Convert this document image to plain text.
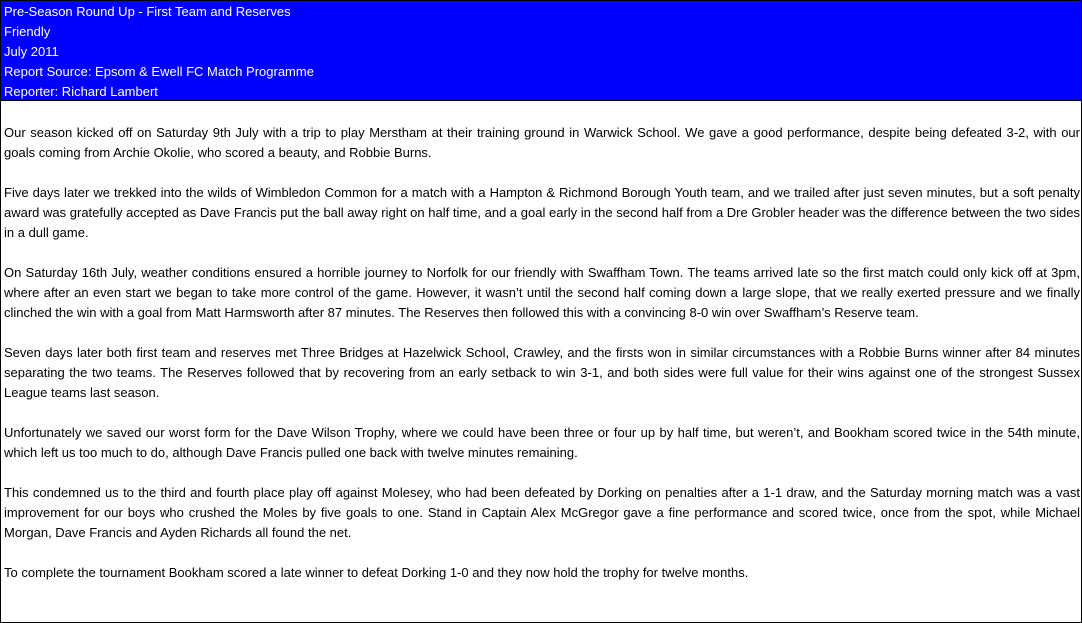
Pre-Season Round Up - First Team and Reserves
Friendly
July 2011
Report Source: Epsom & Ewell FC Match Programme
Reporter: Richard Lambert

Our season kicked off on Saturday 9th July with a trip to play Merstham at their training ground in Warwick School. We gave a good performance, despite being defeated 3-2, with our goals coming from Archie Okolie, who scored a beauty, and Robbie Burns.

Five days later we trekked into the wilds of Wimbledon Common for a match with a Hampton & Richmond Borough Youth team, and we trailed after just seven minutes, but a soft penalty award was gratefully accepted as Dave Francis put the ball away right on half time, and a goal early in the second half from a Dre Grobler header was the difference between the two sides in a dull game.

On Saturday 16th July, weather conditions ensured a horrible journey to Norfolk for our friendly with Swaffham Town. The teams arrived late so the first match could only kick off at 3pm, where after an even start we began to take more control of the game. However, it wasn’t until the second half coming down a large slope, that we really exerted pressure and we finally clinched the win with a goal from Matt Harmsworth after 87 minutes. The Reserves then followed this with a convincing 8-0 win over Swaffham’s Reserve team.

Seven days later both first team and reserves met Three Bridges at Hazelwick School, Crawley, and the firsts won in similar circumstances with a Robbie Burns winner after 84 minutes separating the two teams. The Reserves followed that by recovering from an early setback to win 3-1, and both sides were full value for their wins against one of the strongest Sussex League teams last season.

Unfortunately we saved our worst form for the Dave Wilson Trophy, where we could have been three or four up by half time, but weren’t, and Bookham scored twice in the 54th minute, which left us too much to do, although Dave Francis pulled one back with twelve minutes remaining.

This condemned us to the third and fourth place play off against Molesey, who had been defeated by Dorking on penalties after a 1-1 draw, and the Saturday morning match was a vast improvement for our boys who crushed the Moles by five goals to one. Stand in Captain Alex McGregor gave a fine performance and scored twice, once from the spot, while Michael Morgan, Dave Francis and Ayden Richards all found the net.

To complete the tournament Bookham scored a late winner to defeat Dorking 1-0 and they now hold the trophy for twelve months.
